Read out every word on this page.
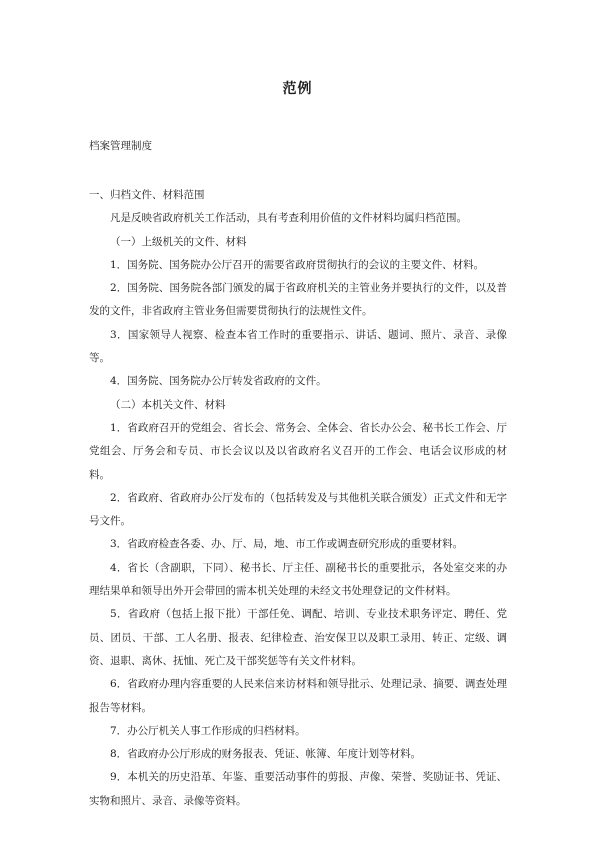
范例
档案管理制度

一、归档文件、材料范围

凡是反映省政府机关工作活动，具有考查利用价值的文件材料均属归档范围。

（一）上级机关的文件、材料

1．国务院、国务院办公厅召开的需要省政府贯彻执行的会议的主要文件、材料。

2．国务院、国务院各部门颁发的属于省政府机关的主管业务并要执行的文件，以及普发的文件，非省政府主管业务但需要贯彻执行的法规性文件。

3．国家领导人视察、检查本省工作时的重要指示、讲话、题词、照片、录音、录像等。

4．国务院、国务院办公厅转发省政府的文件。

（二）本机关文件、材料

1．省政府召开的党组会、省长会、常务会、全体会、省长办公会、秘书长工作会、厅党组会、厅务会和专员、市长会议以及以省政府名义召开的工作会、电话会议形成的材料。

2．省政府、省政府办公厅发布的（包括转发及与其他机关联合颁发）正式文件和无字号文件。

3．省政府检查各委、办、厅、局，地、市工作或调查研究形成的重要材料。

4．省长（含副职，下同）、秘书长、厅主任、副秘书长的重要批示，各处室交来的办理结果单和领导出外开会带回的需本机关处理的未经文书处理登记的文件材料。

5．省政府（包括上报下批）干部任免、调配、培训、专业技术职务评定、聘任、党员、团员、干部、工人名册、报表、纪律检查、治安保卫以及职工录用、转正、定级、调资、退职、离休、抚恤、死亡及干部奖惩等有关文件材料。

6．省政府办理内容重要的人民来信来访材料和领导批示、处理记录、摘要、调查处理报告等材料。

7．办公厅机关人事工作形成的归档材料。

8．省政府办公厅形成的财务报表、凭证、帐簿、年度计划等材料。

9．本机关的历史沿革、年鉴、重要活动事件的剪报、声像、荣誉、奖励证书、凭证、实物和照片、录音、录像等资料。
